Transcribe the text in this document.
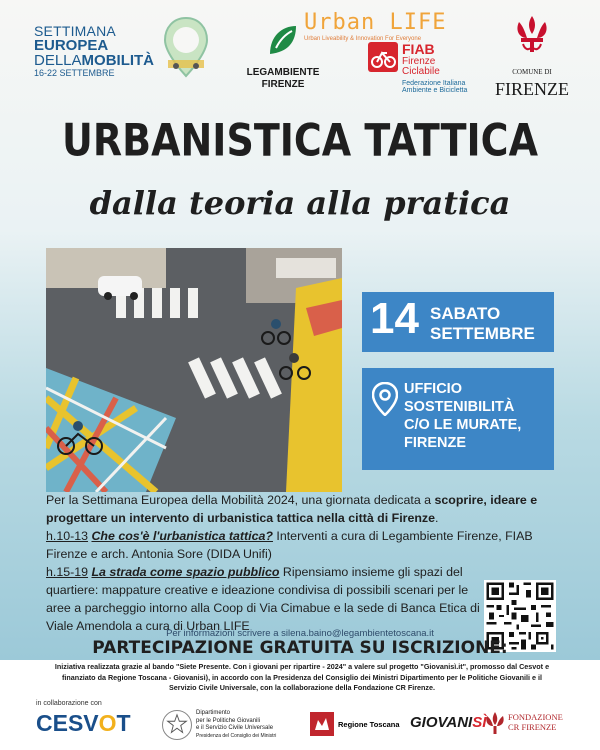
SETTIMANA
EUROPEA
DELLAMOBILITÀ
16-22 SETTEMBRE	LEGAMBIENTE
FIRENZE
Urban LIFE
Urban Liveability & Innovation For Everyone
FIAB
Firenze
Ciclabile
Federazione Italiana
Ambiente e Bicicletta
COMUNE DI FIRENZE
URBANISTICA TATTICA
dalla teoria alla pratica
14 SABATO
SETTEMBRE
UFFICIO
SOSTENIBILITÀ
C/O LE MURATE,
FIRENZE

Per la Settimana Europea della Mobilità 2024, una giornata dedicata a scoprire, ideare e progettare un intervento di urbanistica tattica nella città di Firenze.

h.10-13 Che cos'è l'urbanistica tattica? Interventi a cura di Legambiente Firenze, FIAB Firenze e arch. Antonia Sore (DIDA Unifi)

h.15-19 La strada come spazio pubblico Ripensiamo insieme gli spazi del quartiere: mappature creative e ideazione condivisa di possibili scenari per le aree a parcheggio intorno alla Coop di Via Cimabue e la sede di Banca Etica di Viale Amendola a cura di Urban LIFE

Per informazioni scrivere a silena.baino@legambientetoscana.it
PARTECIPAZIONE GRATUITA SU ISCRIZIONE:
Iniziativa realizzata grazie al bando "Siete Presente. Con i giovani per ripartire - 2024" a valere sul progetto "Giovanisì.it", promosso dal Cesvot e finanziato da Regione Toscana - Giovanisì), in accordo con la Presidenza del Consiglio dei Ministri Dipartimento per le Politiche Giovanili e il Servizio Civile Universale, con la collaborazione della Fondazione CR Firenze.
in collaborazione con
CESVOT	Dipartimento
per le Politiche Giovanili
e il Servizio Civile Universale
Presidenza del Consiglio dei Ministri
Regione Toscana GIOVANISÌ	FONDAZIONE
CR FIRENZE
